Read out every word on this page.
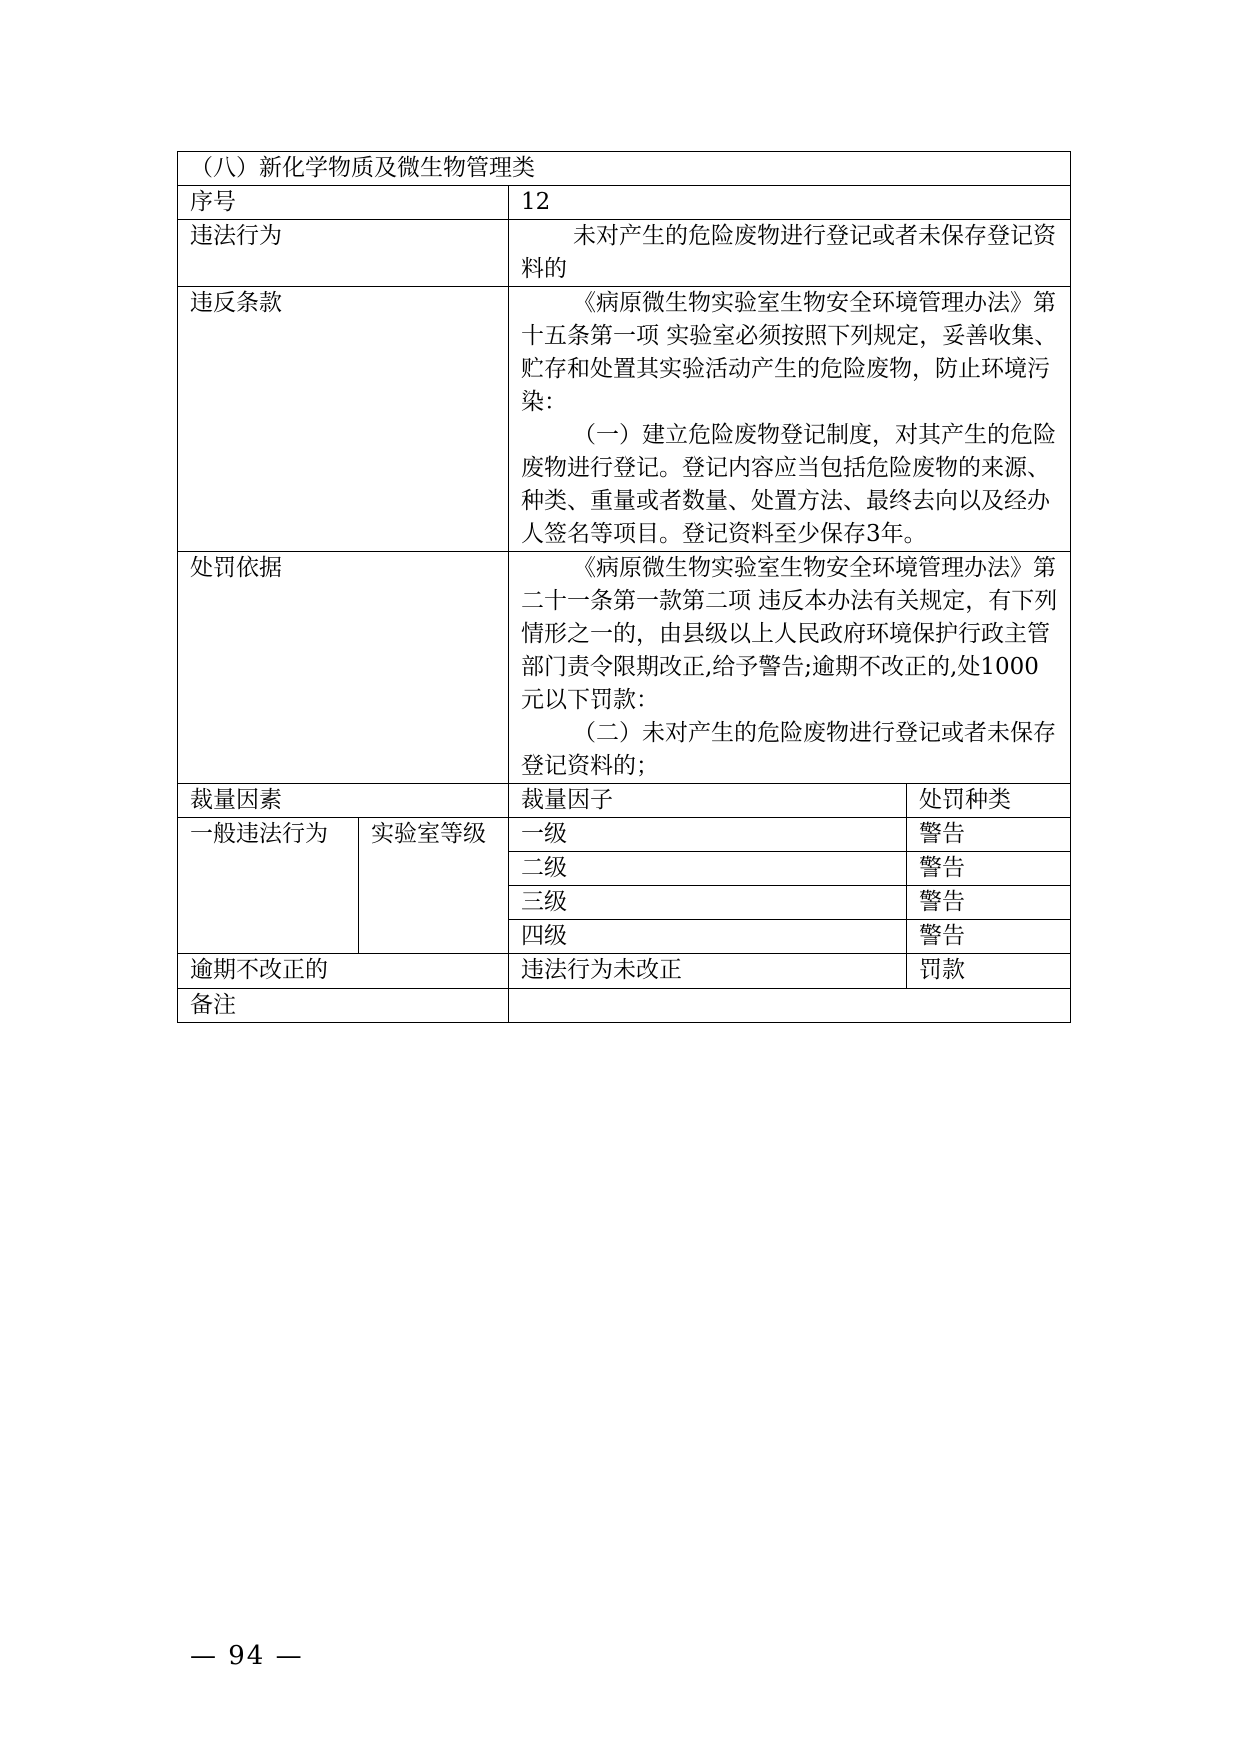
（八）新化学物质及微生物管理类			
序号		12	
违法行为		未对产生的危险废物进行登记或者未保存登记资料的	

违反条款		《病原微生物实验室生物安全环境管理办法》第十五条第一项 实验室必须按照下列规定，妥善收集、贮存和处置其实验活动产生的危险废物，防止环境污染：

（一）建立危险废物登记制度，对其产生的危险废物进行登记。登记内容应当包括危险废物的来源、种类、重量或者数量、处置方法、最终去向以及经办人签名等项目。登记资料至少保存3年。	

处罚依据		《病原微生物实验室生物安全环境管理办法》第二十一条第一款第二项 违反本办法有关规定，有下列情形之一的，由县级以上人民政府环境保护行政主管部门责令限期改正,给予警告;逾期不改正的,处1000元以下罚款：

（二）未对产生的危险废物进行登记或者未保存登记资料的；	

裁量因素		裁量因子	处罚种类
一般违法行为	实验室等级	一级	警告
		二级	警告
		三级	警告
		四级	警告
逾期不改正的		违法行为未改正	罚款
备注			
— 94 —
